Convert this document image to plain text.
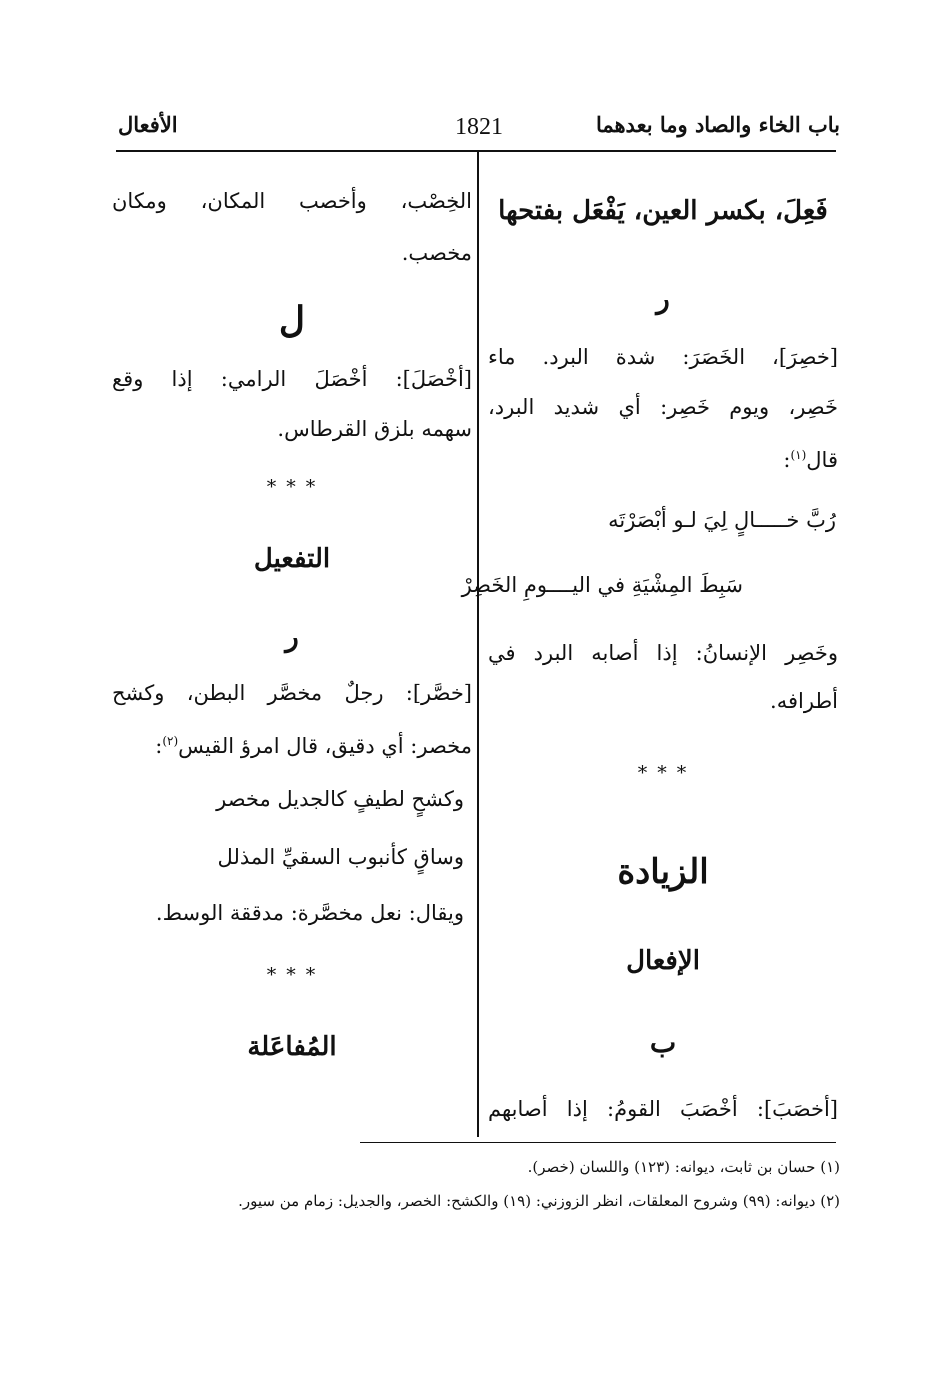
باب الخاء والصاد وما بعدهما
1821
الأفعال
فَعِلَ، بكسر العين، يَفْعَل بفتحها
ر
[خصِرَ]، الخَصَرَ: شدة البرد. ماء
خَصِر، ويوم خَصِر: أي شديد البرد،
قال$^{(١)}$:
رُبَّ خـــــالٍ لِيَ لـو أبْصَرْتَه
سَبِطَ المِشْيَةِ في اليــــومِ الخَصِرْ
وخَصِر الإنسانُ: إذا أصابه البرد في
أطرافه.
* * *
الزيادة
الإفعال
ب
[أخصَبَ]: أخْصَبَ القومُ: إذا أصابهم
الخِصْب، وأخصب المكان، ومكان
مخصب.
ل
[أخْصَلَ]: أخْصَلَ الرامي: إذا وقع
سهمه بلزق القرطاس.
* * *
التفعيل
ر
[خصَّر]: رجلٌ مخصَّر البطن، وكشح
مخصر: أي دقيق، قال امرؤ القيس$^{(٢)}$:
وكشحٍ لطيفٍ كالجديل مخصر
وساقٍ كأنبوب السقيِّ المذلل
ويقال: نعل مخصَّرة: مدققة الوسط.
* * *
المُفاعَلة
(١) حسان بن ثابت، ديوانه: (١٢٣) واللسان (خصر).
(٢) ديوانه: (٩٩) وشروح المعلقات، انظر الزوزني: (١٩) والكشح: الخصر، والجديل: زمام من سيور.
